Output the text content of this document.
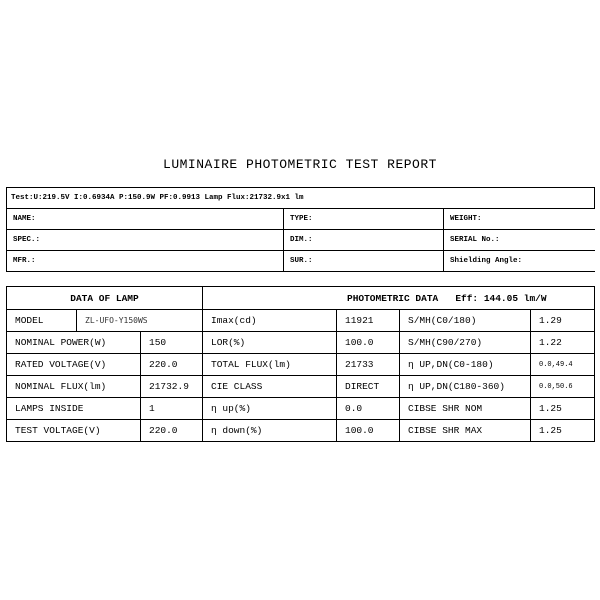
LUMINAIRE PHOTOMETRIC TEST REPORT
Test:U:219.5V I:0.6934A P:150.9W PF:0.9913 Lamp Flux:21732.9x1 lm		
NAME:	TYPE:	WEIGHT:
SPEC.:	DIM.:	SERIAL No.:
MFR.:	SUR.:	Shielding Angle:
DATA OF LAMP			PHOTOMETRIC DATA Eff: 144.05 lm/W			
MODEL	ZL-UFO-Y150WS		Imax(cd)	11921	S/MH(C0/180)	1.29
NOMINAL POWER(W)		150	LOR(%)	100.0	S/MH(C90/270)	1.22
RATED VOLTAGE(V)		220.0	TOTAL FLUX(lm)	21733	η UP,DN(C0-180)	0.0,49.4
NOMINAL FLUX(lm)		21732.9	CIE CLASS	DIRECT	η UP,DN(C180-360)	0.0,50.6
LAMPS INSIDE		1	η up(%)	0.0	CIBSE SHR NOM	1.25
TEST VOLTAGE(V)		220.0	η down(%)	100.0	CIBSE SHR MAX	1.25
